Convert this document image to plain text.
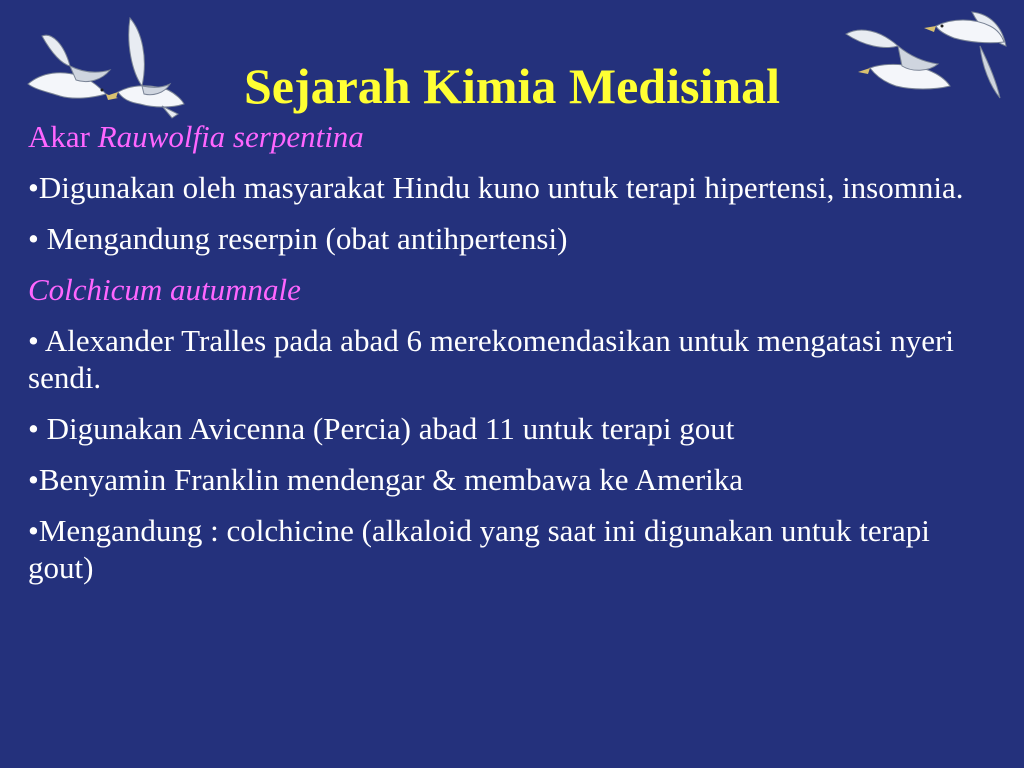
Sejarah Kimia Medisinal
Akar Rauwolfia serpentina
•Digunakan oleh masyarakat Hindu kuno untuk terapi hipertensi, insomnia.
• Mengandung reserpin (obat antihpertensi)
Colchicum autumnale
• Alexander Tralles pada abad 6 merekomendasikan untuk mengatasi nyeri sendi.
• Digunakan Avicenna (Percia) abad 11 untuk terapi gout
•Benyamin Franklin mendengar & membawa ke Amerika
•Mengandung : colchicine (alkaloid yang saat ini digunakan untuk terapi gout)
